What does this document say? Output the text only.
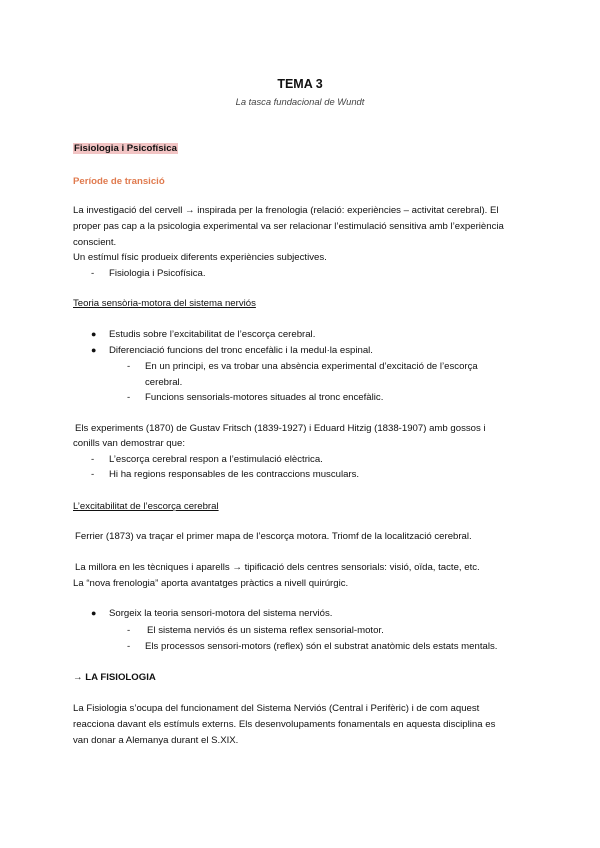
TEMA 3
La tasca fundacional de Wundt
Fisiologia i Psicofísica
Període de transició
La investigació del cervell → inspirada per la frenologia (relació: experiències – activitat cerebral). El
proper pas cap a la psicologia experimental va ser relacionar l’estimulació sensitiva amb l’experiència
conscient.
Un estímul físic produeix diferents experiències subjectives.
- Fisiologia i Psicofísica.
Teoria sensòria-motora del sistema nerviós
● Estudis sobre l’excitabilitat de l’escorça cerebral.
● Diferenciació funcions del tronc encefàlic i la medul·la espinal.
- En un principi, es va trobar una absència experimental d’excitació de l’escorça
cerebral.
- Funcions sensorials-motores situades al tronc encefàlic.
Els experiments (1870) de Gustav Fritsch (1839-1927) i Eduard Hitzig (1838-1907) amb gossos i
conills van demostrar que:
- L’escorça cerebral respon a l’estimulació elèctrica.
- Hi ha regions responsables de les contraccions musculars.
L’excitabilitat de l’escorça cerebral
Ferrier (1873) va traçar el primer mapa de l’escorça motora. Triomf de la localització cerebral.
La millora en les tècniques i aparells → tipificació dels centres sensorials: visió, oïda, tacte, etc.
La “nova frenologia” aporta avantatges pràctics a nivell quirúrgic.
● Sorgeix la teoria sensori-motora del sistema nerviós.
- El sistema nerviós és un sistema reflex sensorial-motor.
- Els processos sensori-motors (reflex) són el substrat anatòmic dels estats mentals.
→ LA FISIOLOGIA
La Fisiologia s’ocupa del funcionament del Sistema Nerviós (Central i Perifèric) i de com aquest
reacciona davant els estímuls externs. Els desenvolupaments fonamentals en aquesta disciplina es
van donar a Alemanya durant el S.XIX.
